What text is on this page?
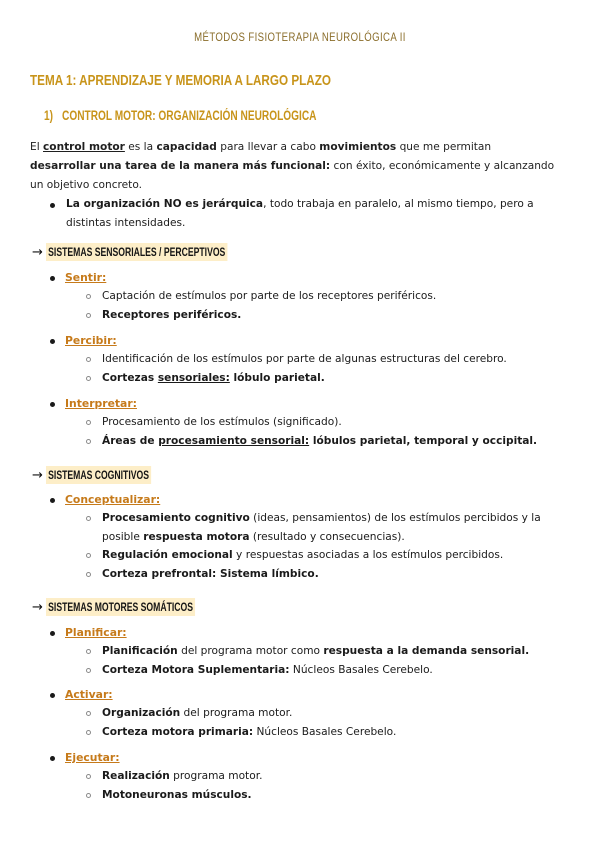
MÉTODOS FISIOTERAPIA NEUROLÓGICA II
TEMA 1: APRENDIZAJE Y MEMORIA A LARGO PLAZO
1) CONTROL MOTOR: ORGANIZACIÓN NEUROLÓGICA
El control motor es la capacidad para llevar a cabo movimientos que me permitan desarrollar una tarea de la manera más funcional: con éxito, económicamente y alcanzando un objetivo concreto.
La organización NO es jerárquica, todo trabaja en paralelo, al mismo tiempo, pero a distintas intensidades.
→ SISTEMAS SENSORIALES / PERCEPTIVOS
Sentir:
Captación de estímulos por parte de los receptores periféricos.
Receptores periféricos.
Percibir:
Identificación de los estímulos por parte de algunas estructuras del cerebro.
Cortezas sensoriales: lóbulo parietal.
Interpretar:
Procesamiento de los estímulos (significado).
Áreas de procesamiento sensorial: lóbulos parietal, temporal y occipital.
→ SISTEMAS COGNITIVOS
Conceptualizar:
Procesamiento cognitivo (ideas, pensamientos) de los estímulos percibidos y la posible respuesta motora (resultado y consecuencias).
Regulación emocional y respuestas asociadas a los estímulos percibidos.
Corteza prefrontal: Sistema límbico.
→ SISTEMAS MOTORES SOMÁTICOS
Planificar:
Planificación del programa motor como respuesta a la demanda sensorial.
Corteza Motora Suplementaria: Núcleos Basales Cerebelo.
Activar:
Organización del programa motor.
Corteza motora primaria: Núcleos Basales Cerebelo.
Ejecutar:
Realización programa motor.
Motoneuronas músculos.
